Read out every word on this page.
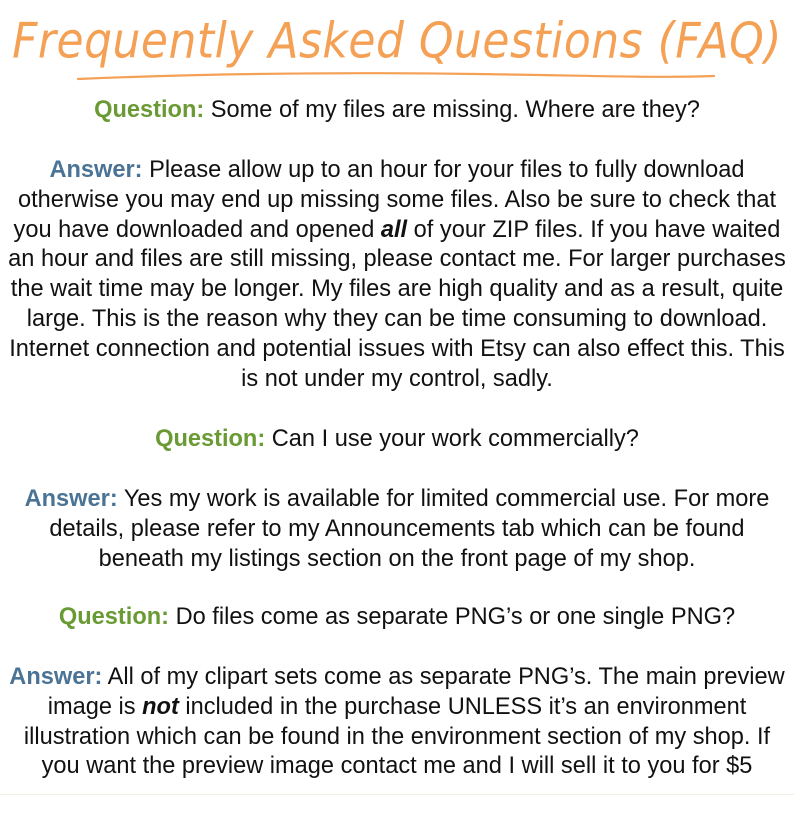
Frequently Asked Questions (FAQ)

Question: Some of my files are missing. Where are they?

Answer: Please allow up to an hour for your files to fully download otherwise you may end up missing some files. Also be sure to check that you have downloaded and opened all of your ZIP files. If you have waited an hour and files are still missing, please contact me. For larger purchases the wait time may be longer. My files are high quality and as a result, quite large. This is the reason why they can be time consuming to download. Internet connection and potential issues with Etsy can also effect this. This is not under my control, sadly.

Question: Can I use your work commercially?

Answer: Yes my work is available for limited commercial use. For more details, please refer to my Announcements tab which can be found beneath my listings section on the front page of my shop.

Question: Do files come as separate PNG’s or one single PNG?

Answer: All of my clipart sets come as separate PNG’s. The main preview image is not included in the purchase UNLESS it’s an environment illustration which can be found in the environment section of my shop. If you want the preview image contact me and I will sell it to you for $5
